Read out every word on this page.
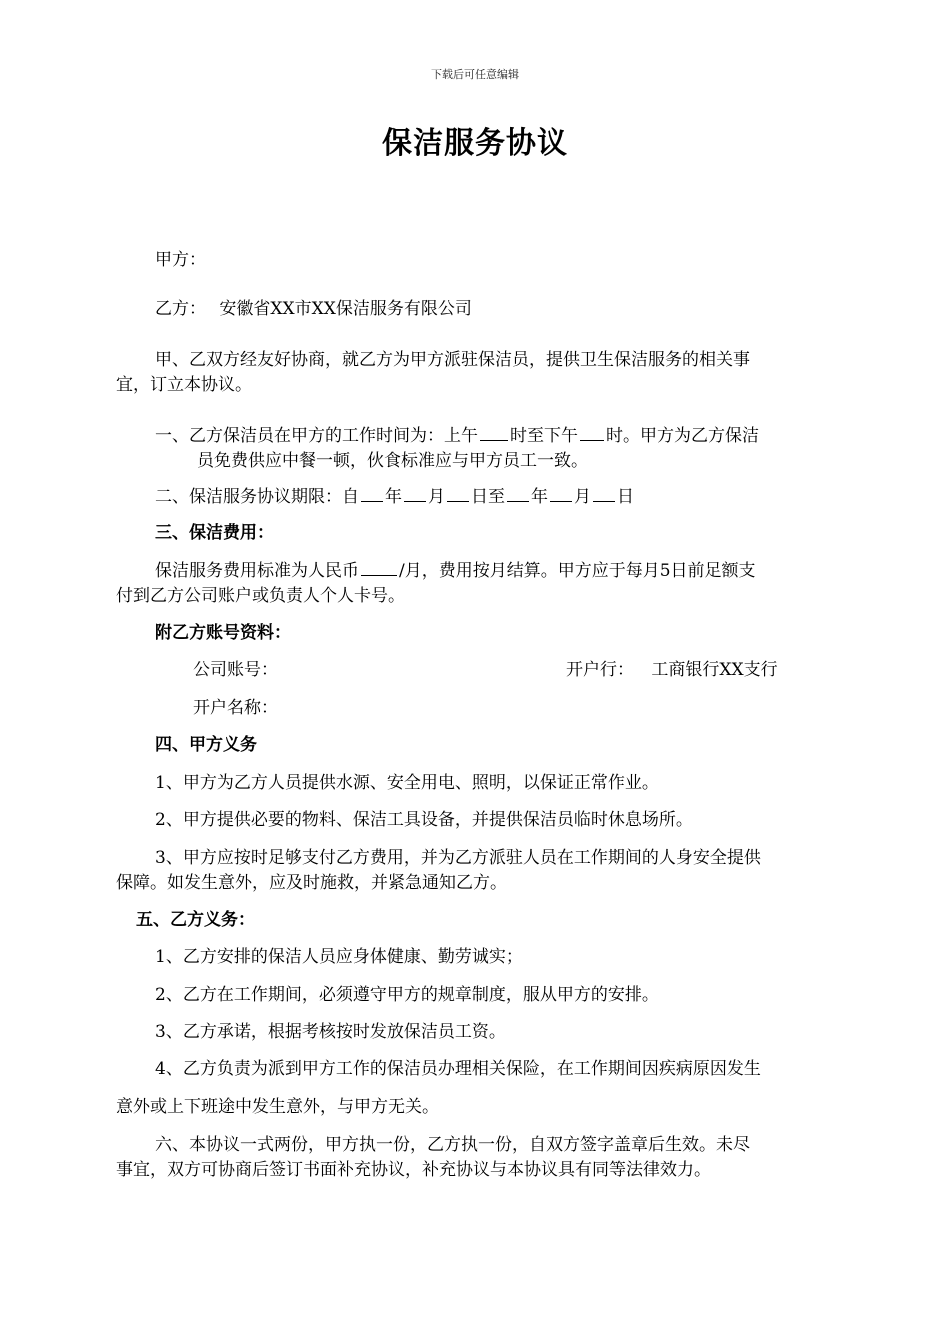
下载后可任意编辑
保洁服务协议
甲方：
乙方： 安徽省XX市XX保洁服务有限公司
甲、乙双方经友好协商，就乙方为甲方派驻保洁员，提供卫生保洁服务的相关事
宜，订立本协议。
一、乙方保洁员在甲方的工作时间为：上午 时至下午 时。甲方为乙方保洁
员免费供应中餐一顿，伙食标准应与甲方员工一致。
二、保洁服务协议期限：自 年 月 日至 年 月 日
三、保洁费用：
保洁服务费用标准为人民币 /月，费用按月结算。甲方应于每月5日前足额支
付到乙方公司账户或负责人个人卡号。
附乙方账号资料：
公司账号：	开户行： 工商银行XX支行
开户名称：
四、甲方义务
1、甲方为乙方人员提供水源、安全用电、照明，以保证正常作业。
2、甲方提供必要的物料、保洁工具设备，并提供保洁员临时休息场所。
3、甲方应按时足够支付乙方费用，并为乙方派驻人员在工作期间的人身安全提供
保障。如发生意外，应及时施救，并紧急通知乙方。
五、乙方义务：
1、乙方安排的保洁人员应身体健康、勤劳诚实；
2、乙方在工作期间，必须遵守甲方的规章制度，服从甲方的安排。
3、乙方承诺，根据考核按时发放保洁员工资。
4、乙方负责为派到甲方工作的保洁员办理相关保险，在工作期间因疾病原因发生
意外或上下班途中发生意外，与甲方无关。
六、本协议一式两份，甲方执一份，乙方执一份，自双方签字盖章后生效。未尽
事宜，双方可协商后签订书面补充协议，补充协议与本协议具有同等法律效力。
